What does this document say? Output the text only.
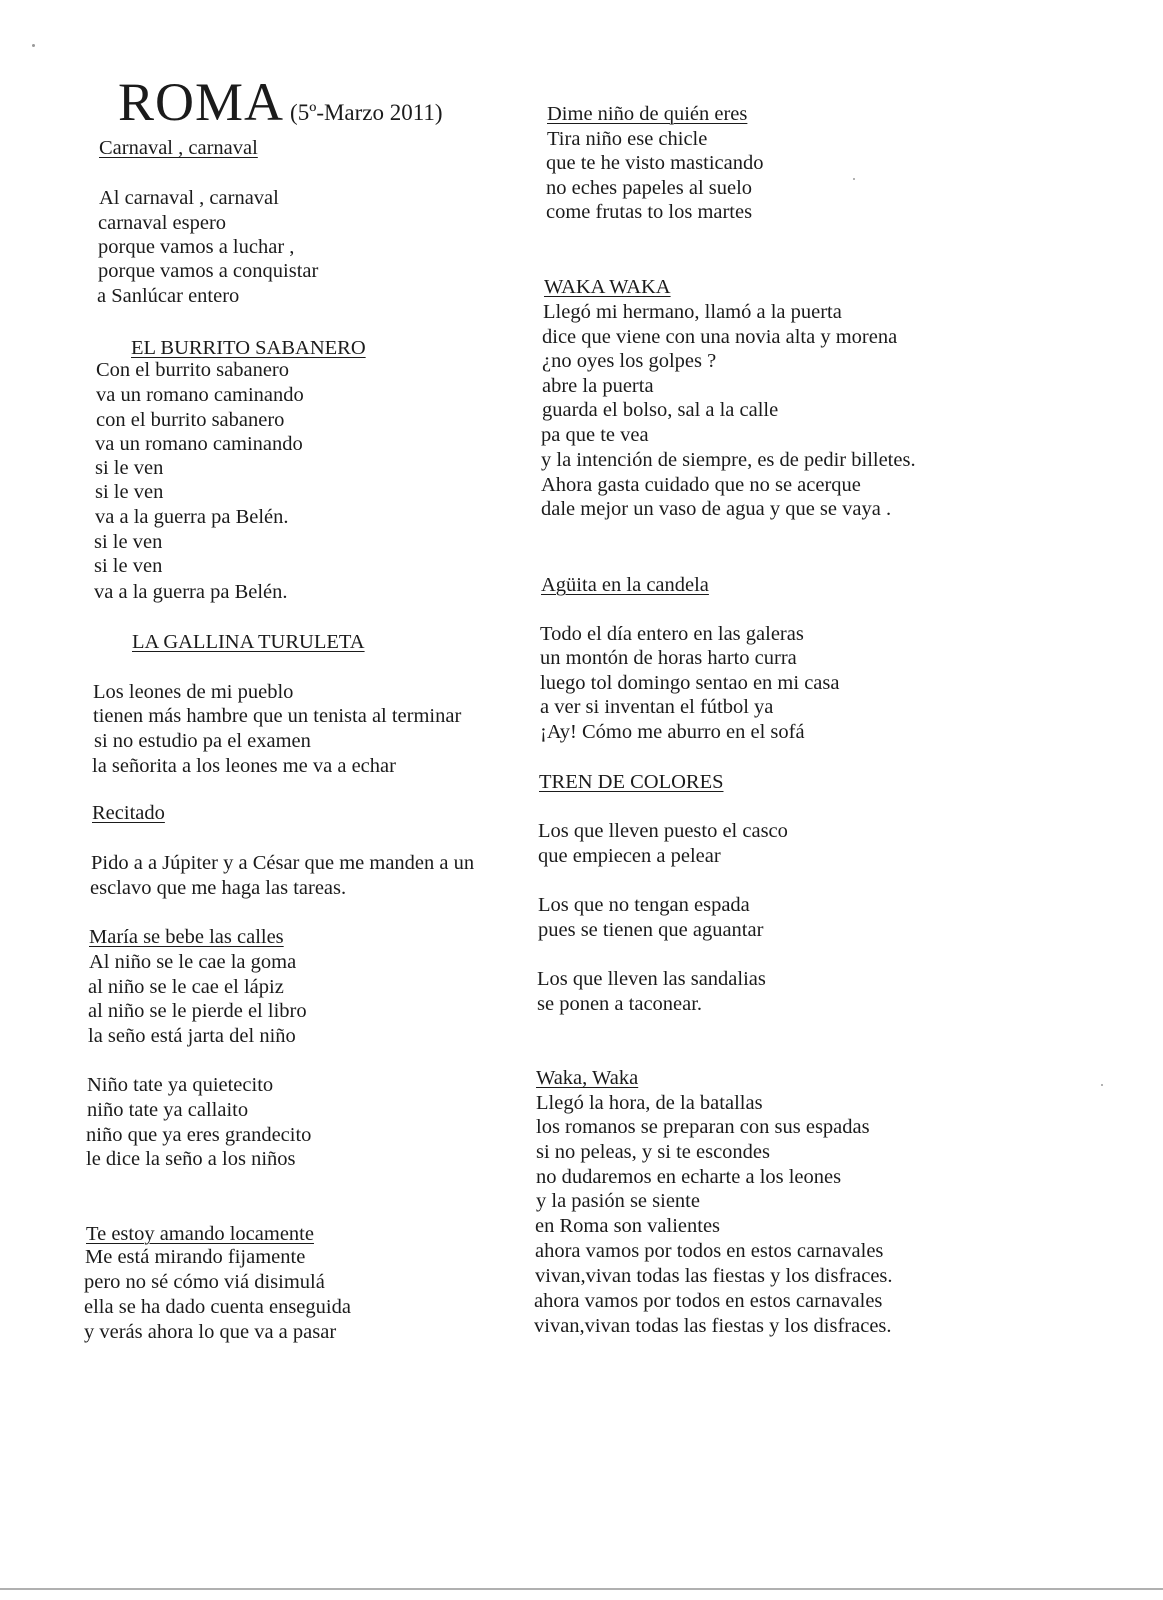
ROMA (5º-Marzo 2011)
Carnaval , carnaval
Al carnaval , carnaval
carnaval espero
porque vamos a luchar ,
porque vamos a conquistar
a Sanlúcar entero
EL BURRITO SABANERO
Con el burrito sabanero
va un romano caminando
con el burrito sabanero
va un romano caminando
si le ven
si le ven
va a la guerra pa Belén.
si le ven
si le ven
va a la guerra pa Belén.
LA GALLINA TURULETA
Los leones de mi pueblo
tienen más hambre que un tenista al terminar
si no estudio pa el examen
la señorita a los leones me va a echar
Recitado
Pido a a Júpiter y a César que me manden a un
esclavo que me haga las tareas.
María se bebe las calles
Al niño se le cae la goma
al niño se le cae el lápiz
al niño se le pierde el libro
la seño está jarta del niño
Niño tate ya quietecito
niño tate ya callaito
niño que ya eres grandecito
le dice la seño a los niños
Te estoy amando locamente
Me está mirando fijamente
pero no sé cómo viá disimulá
ella se ha dado cuenta enseguida
y verás ahora lo que va a pasar
Dime niño de quién eres
Tira niño ese chicle
que te he visto masticando
no eches papeles al suelo
come frutas to los martes
WAKA WAKA
Llegó mi hermano, llamó a la puerta
dice que viene con una novia alta y morena
¿no oyes los golpes ?
abre la puerta
guarda el bolso, sal a la calle
pa que te vea
y la intención de siempre, es de pedir billetes.
Ahora gasta cuidado que no se acerque
dale mejor un vaso de agua y que se vaya .
Agüita en la candela
Todo el día entero en las galeras
un montón de horas harto curra
luego tol domingo sentao en mi casa
a ver si inventan el fútbol ya
¡Ay! Cómo me aburro en el sofá
TREN DE COLORES
Los que lleven puesto el casco
que empiecen a pelear
Los que no tengan espada
pues se tienen que aguantar
Los que lleven las sandalias
se ponen a taconear.
Waka, Waka
Llegó la hora, de la batallas
los romanos se preparan con sus espadas
si no peleas, y si te escondes
no dudaremos en echarte a los leones
y la pasión se siente
en Roma son valientes
ahora vamos por todos en estos carnavales
vivan,vivan todas las fiestas y los disfraces.
ahora vamos por todos en estos carnavales
vivan,vivan todas las fiestas y los disfraces.
